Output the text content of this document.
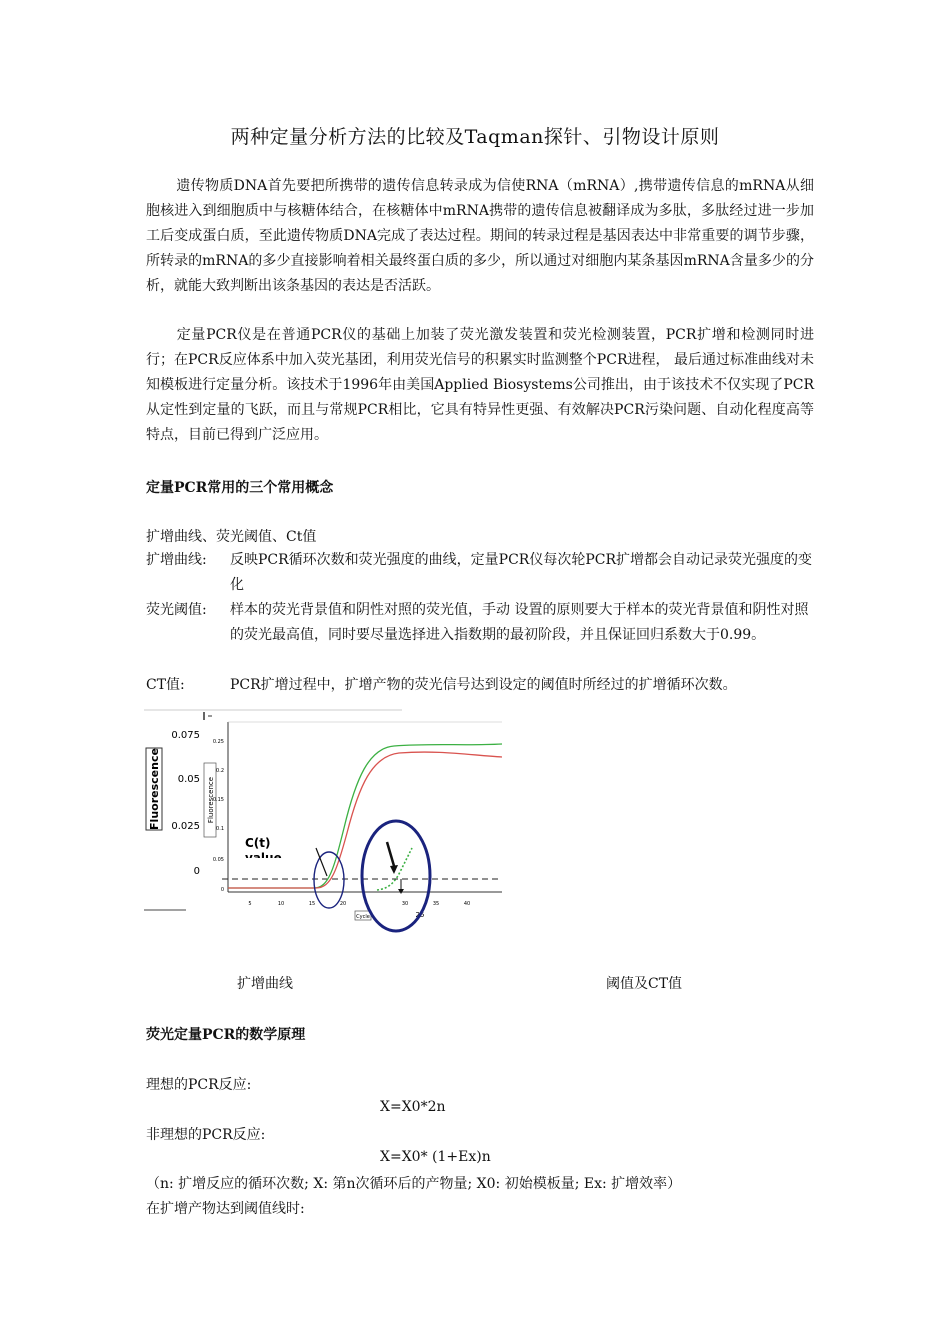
两种定量分析方法的比较及Taqman探针、引物设计原则

遗传物质DNA首先要把所携带的遗传信息转录成为信使RNA（mRNA）,携带遗传信息的mRNA从细胞核进入到细胞质中与核糖体结合，在核糖体中mRNA携带的遗传信息被翻译成为多肽，多肽经过进一步加工后变成蛋白质，至此遗传物质DNA完成了表达过程。期间的转录过程是基因表达中非常重要的调节步骤，所转录的mRNA的多少直接影响着相关最终蛋白质的多少，所以通过对细胞内某条基因mRNA含量多少的分析，就能大致判断出该条基因的表达是否活跃。

定量PCR仪是在普通PCR仪的基础上加装了荧光激发装置和荧光检测装置，PCR扩增和检测同时进行；在PCR反应体系中加入荧光基团，利用荧光信号的积累实时监测整个PCR进程， 最后通过标准曲线对未知模板进行定量分析。该技术于1996年由美国Applied Biosystems公司推出，由于该技术不仅实现了PCR从定性到定量的飞跃，而且与常规PCR相比，它具有特异性更强、有效解决PCR污染问题、自动化程度高等特点，目前已得到广泛应用。

定量PCR常用的三个常用概念

扩增曲线、荧光阈值、Ct值

扩增曲线: 反映PCR循环次数和荧光强度的曲线，定量PCR仪每次轮PCR扩增都会自动记录荧光强度的变化
荧光阈值: 样本的荧光背景值和阴性对照的荧光值，手动 设置的原则要大于样本的荧光背景值和阴性对照的荧光最高值，同时要尽量选择进入指数期的最初阶段，并且保证回归系数大于0.99。
CT值:	PCR扩增过程中，扩增产物的荧光信号达到设定的阈值时所经过的扩增循环次数。
Fluorescence
0.075
0.05
0.025
0
Fluorescence
0.25
0.2
0.15
0.1
0.05
0
5	10	15	20	30	35	40
25
Cycle
C(t)
扩增曲线	阈值及CT值

荧光定量PCR的数学原理

理想的PCR反应:

X=X0*2n

非理想的PCR反应:

X=X0* (1+Ex)n

（n: 扩增反应的循环次数; X: 第n次循环后的产物量; X0: 初始模板量; Ex: 扩增效率）

在扩增产物达到阈值线时:
